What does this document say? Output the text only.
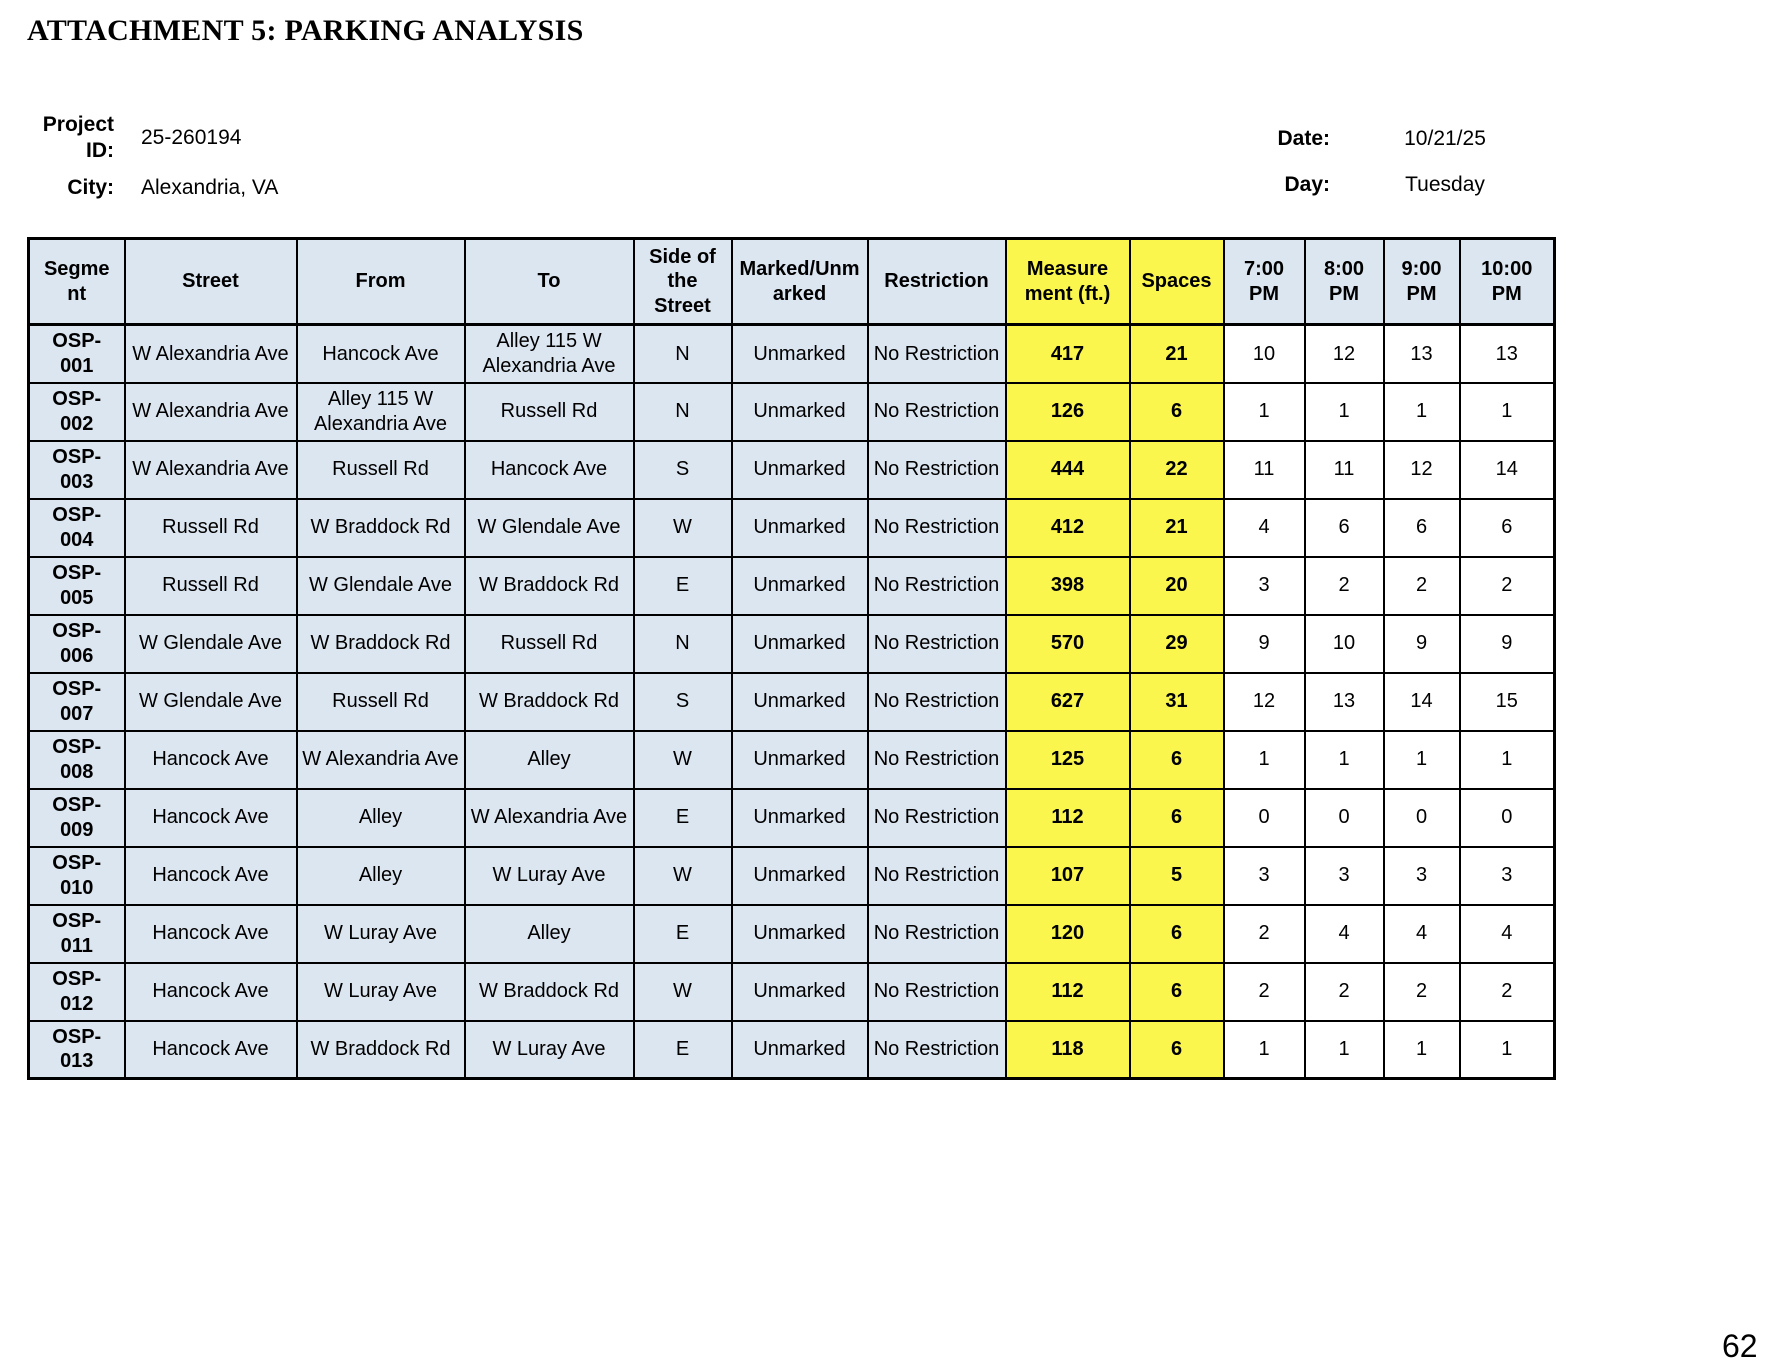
ATTACHMENT 5: PARKING ANALYSIS
Project ID:
25-260194
City: Alexandria, VA
Date:	10/21/25
Day:	Tuesday
Segment	Street	From	To	Side of the Street	Marked/Unmarked	Restriction	Measurement (ft.)	Spaces	7:00 PM	8:00 PM	9:00 PM	10:00 PM
OSP-001	W Alexandria Ave	Hancock Ave	Alley 115 W Alexandria Ave	N	Unmarked	No Restriction	417	21	10	12	13	13
OSP-002	W Alexandria Ave	Alley 115 W Alexandria Ave	Russell Rd	N	Unmarked	No Restriction	126	6	1	1	1	1
OSP-003	W Alexandria Ave	Russell Rd	Hancock Ave	S	Unmarked	No Restriction	444	22	11	11	12	14
OSP-004	Russell Rd	W Braddock Rd	W Glendale Ave	W	Unmarked	No Restriction	412	21	4	6	6	6
OSP-005	Russell Rd	W Glendale Ave	W Braddock Rd	E	Unmarked	No Restriction	398	20	3	2	2	2
OSP-006	W Glendale Ave	W Braddock Rd	Russell Rd	N	Unmarked	No Restriction	570	29	9	10	9	9
OSP-007	W Glendale Ave	Russell Rd	W Braddock Rd	S	Unmarked	No Restriction	627	31	12	13	14	15
OSP-008	Hancock Ave	W Alexandria Ave	Alley	W	Unmarked	No Restriction	125	6	1	1	1	1
OSP-009	Hancock Ave	Alley	W Alexandria Ave	E	Unmarked	No Restriction	112	6	0	0	0	0
OSP-010	Hancock Ave	Alley	W Luray Ave	W	Unmarked	No Restriction	107	5	3	3	3	3
OSP-011	Hancock Ave	W Luray Ave	Alley	E	Unmarked	No Restriction	120	6	2	4	4	4
OSP-012	Hancock Ave	W Luray Ave	W Braddock Rd	W	Unmarked	No Restriction	112	6	2	2	2	2
OSP-013	Hancock Ave	W Braddock Rd	W Luray Ave	E	Unmarked	No Restriction	118	6	1	1	1	1
62
